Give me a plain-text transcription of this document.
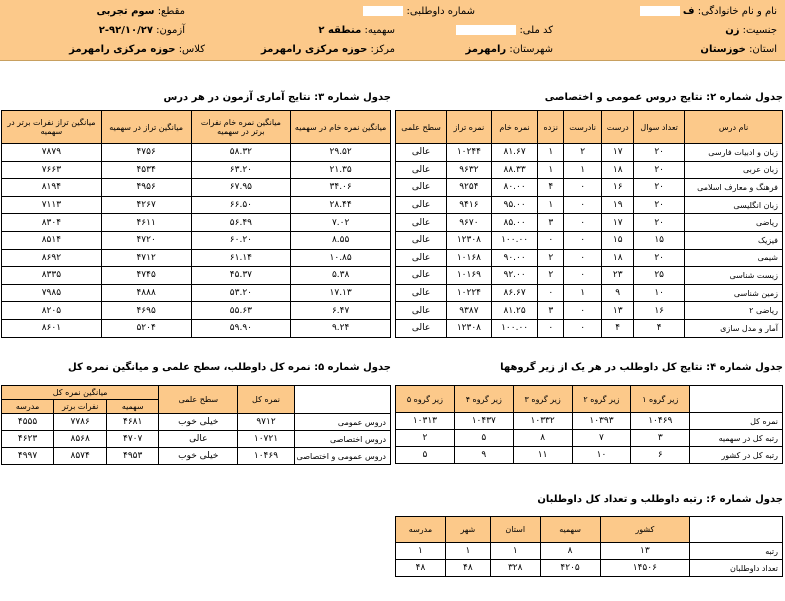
نام و نام خانوادگی: ف
شماره داوطلبی:
مقطع: سوم تجربی
جنسیت: زن
کد ملی:
سهمیه: منطقه ۲
آزمون: ۹۲/۱۰/۲۷-۲
استان: خوزستان
شهرستان: رامهرمز
مرکز: حوزه مرکزی رامهرمز
کلاس: حوزه مرکزی رامهرمز
جدول شماره ۲: نتایج دروس عمومی و اختصاصی
نام درس	تعداد سوال	درست	نادرست	نزده	نمره خام	نمره تراز	سطح علمی
زبان و ادبیات فارسی	۲۰	۱۷	۲	۱	۸۱.۶۷	۱۰۲۴۴	عالی
زبان عربی	۲۰	۱۸	۱	۱	۸۸.۳۳	۹۶۳۲	عالی
فرهنگ و معارف اسلامی	۲۰	۱۶	۰	۴	۸۰.۰۰	۹۲۵۴	عالی
زبان انگلیسی	۲۰	۱۹	۰	۱	۹۵.۰۰	۹۴۱۶	عالی
ریاضی	۲۰	۱۷	۰	۳	۸۵.۰۰	۹۶۷۰	عالی
فیزیک	۱۵	۱۵	۰	۰	۱۰۰.۰۰	۱۲۳۰۸	عالی
شیمی	۲۰	۱۸	۰	۲	۹۰.۰۰	۱۰۱۶۸	عالی
زیست شناسی	۲۵	۲۳	۰	۲	۹۲.۰۰	۱۰۱۶۹	عالی
زمین شناسی	۱۰	۹	۱	۰	۸۶.۶۷	۱۰۲۲۴	عالی
ریاضی ۲	۱۶	۱۳	۰	۳	۸۱.۲۵	۹۳۸۷	عالی
آمار و مدل سازی	۴	۴	۰	۰	۱۰۰.۰۰	۱۲۳۰۸	عالی
جدول شماره ۳: نتایج آماری آزمون در هر درس
میانگین نمره خام در سهمیه	میانگین نمره خام نفرات برتر در سهمیه	میانگین تراز در سهمیه	میانگین تراز نفرات برتر در سهمیه
۲۹.۵۲	۵۸.۳۲	۴۷۵۶	۷۸۷۹
۲۱.۳۵	۶۳.۲۰	۴۵۳۴	۷۶۶۳
۳۴.۰۶	۶۷.۹۵	۴۹۵۶	۸۱۹۴
۲۸.۴۴	۶۶.۵۰	۴۲۶۷	۷۱۱۳
۷.۰۲	۵۶.۴۹	۴۶۱۱	۸۳۰۴
۸.۵۵	۶۰.۲۰	۴۷۲۰	۸۵۱۴
۱۰.۸۵	۶۱.۱۴	۴۷۱۲	۸۶۹۲
۵.۳۸	۴۵.۳۷	۴۷۴۵	۸۳۳۵
۱۷.۱۳	۵۳.۲۰	۴۸۸۸	۷۹۸۵
۶.۴۷	۵۵.۶۳	۴۶۹۵	۸۲۰۵
۹.۲۴	۵۹.۹۰	۵۲۰۴	۸۶۰۱
جدول شماره ۴: نتایج کل داوطلب در هر یک از زیر گروهها
	زیر گروه ۱	زیر گروه ۲	زیر گروه ۳	زیر گروه ۴	زیر گروه ۵
نمره کل	۱۰۴۶۹	۱۰۳۹۳	۱۰۳۳۲	۱۰۴۳۷	۱۰۳۱۳
رتبه کل در سهمیه	۳	۷	۸	۵	۲
رتبه کل در کشور	۶	۱۰	۱۱	۹	۵
جدول شماره ۵: نمره کل داوطلب، سطح علمی و میانگین نمره کل
	نمره کل	سطح علمی	میانگین نمره کل		
			سهمیه	نفرات برتر	مدرسه
دروس عمومی	۹۷۱۲	خیلی خوب	۴۶۸۱	۷۷۸۶	۴۵۵۵
دروس اختصاصی	۱۰۷۲۱	عالی	۴۷۰۷	۸۵۶۸	۴۶۲۳
دروس عمومی و اختصاصی	۱۰۴۶۹	خیلی خوب	۴۹۵۳	۸۵۷۴	۴۹۹۷
جدول شماره ۶: رتبه داوطلب و تعداد کل داوطلبان
	کشور	سهمیه	استان	شهر	مدرسه
رتبه	۱۳	۸	۱	۱	۱
تعداد داوطلبان	۱۴۵۰۶	۴۲۰۵	۳۲۸	۴۸	۴۸
